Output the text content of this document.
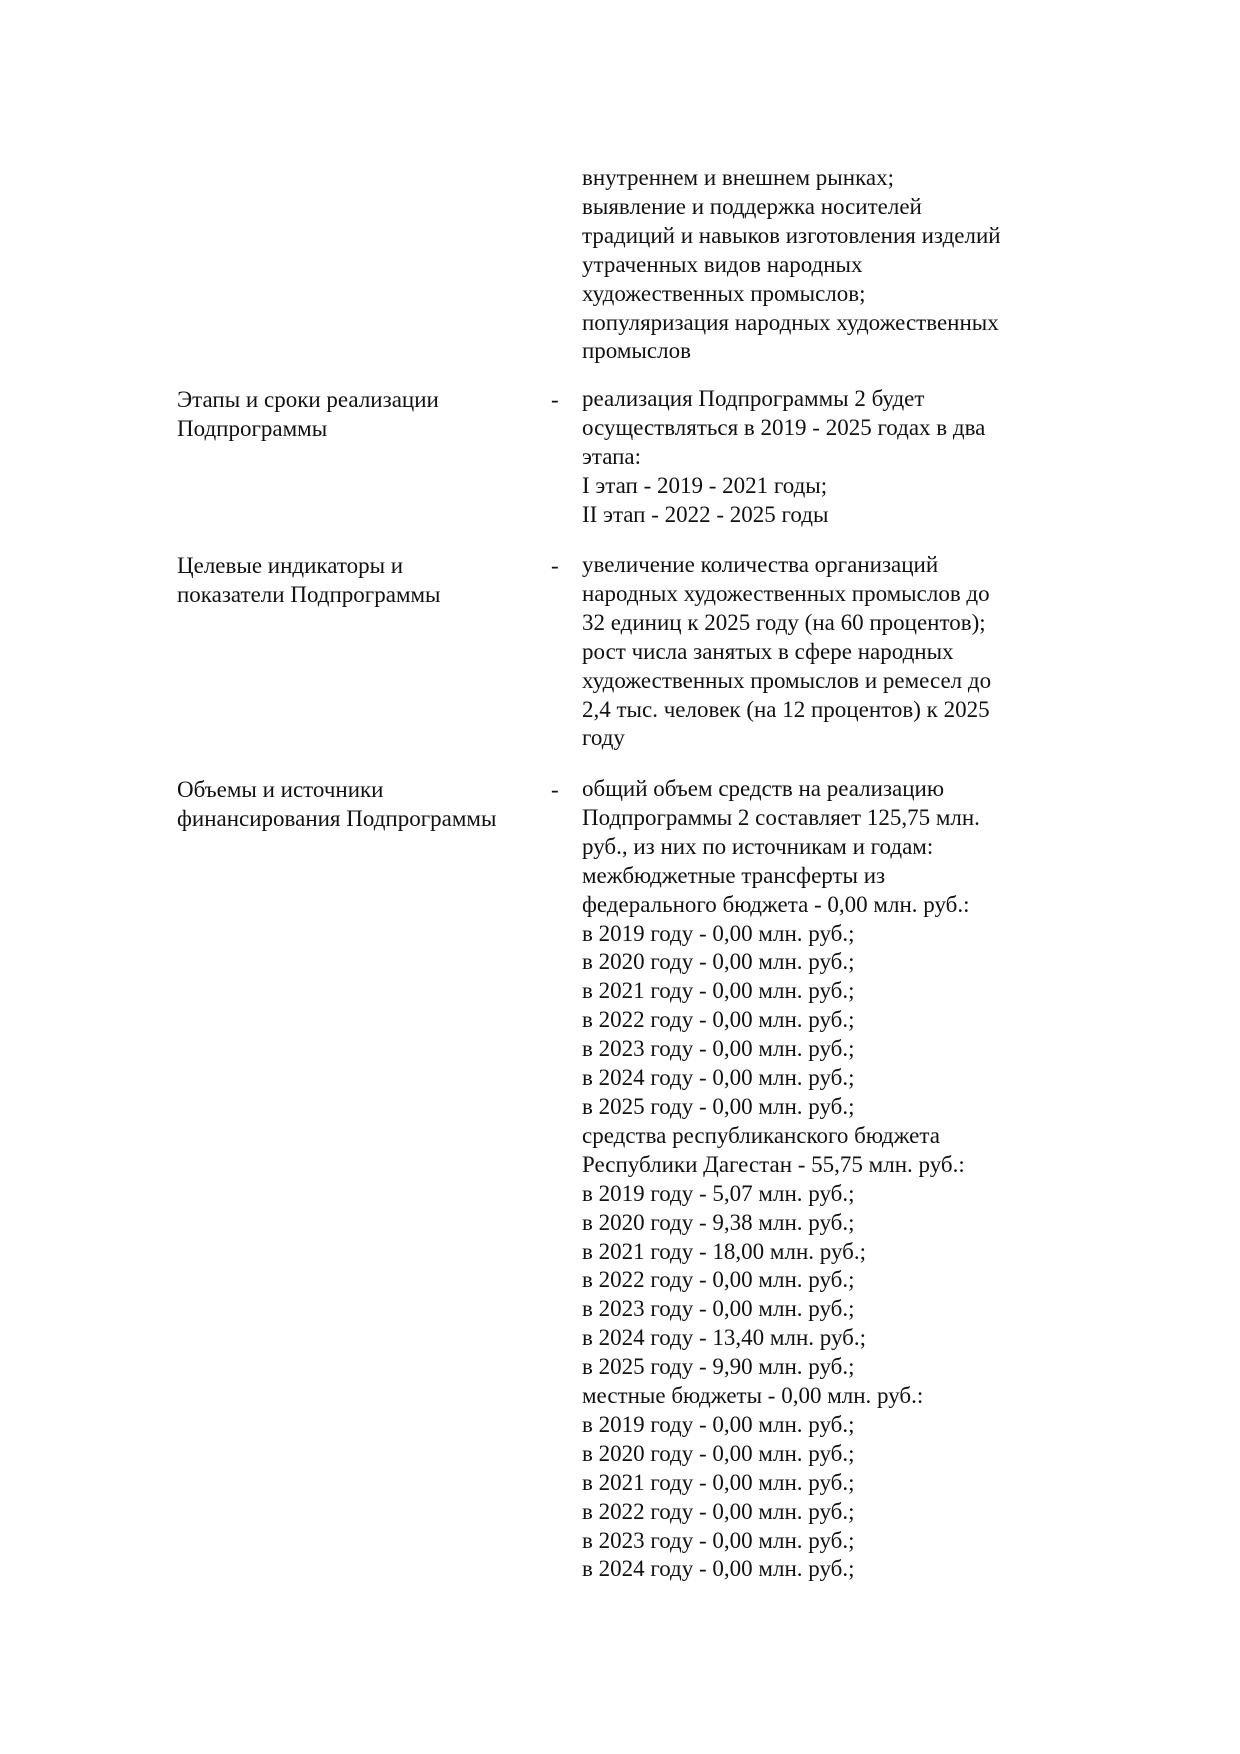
внутреннем и внешнем рынках;
выявление и поддержка носителей
традиций и навыков изготовления изделий
утраченных видов народных
художественных промыслов;
популяризация народных художественных
промыслов
Этапы и сроки реализации
Подпрограммы
- реализация Подпрограммы 2 будет
осуществляться в 2019 - 2025 годах в два
этапа:
I этап - 2019 - 2021 годы;
II этап - 2022 - 2025 годы
Целевые индикаторы и
показатели Подпрограммы
- увеличение количества организаций
народных художественных промыслов до
32 единиц к 2025 году (на 60 процентов);
рост числа занятых в сфере народных
художественных промыслов и ремесел до
2,4 тыс. человек (на 12 процентов) к 2025
году
Объемы и источники
финансирования Подпрограммы
- общий объем средств на реализацию
Подпрограммы 2 составляет 125,75 млн.
руб., из них по источникам и годам:
межбюджетные трансферты из
федерального бюджета - 0,00 млн. руб.:
в 2019 году - 0,00 млн. руб.;
в 2020 году - 0,00 млн. руб.;
в 2021 году - 0,00 млн. руб.;
в 2022 году - 0,00 млн. руб.;
в 2023 году - 0,00 млн. руб.;
в 2024 году - 0,00 млн. руб.;
в 2025 году - 0,00 млн. руб.;
средства республиканского бюджета
Республики Дагестан - 55,75 млн. руб.:
в 2019 году - 5,07 млн. руб.;
в 2020 году - 9,38 млн. руб.;
в 2021 году - 18,00 млн. руб.;
в 2022 году - 0,00 млн. руб.;
в 2023 году - 0,00 млн. руб.;
в 2024 году - 13,40 млн. руб.;
в 2025 году - 9,90 млн. руб.;
местные бюджеты - 0,00 млн. руб.:
в 2019 году - 0,00 млн. руб.;
в 2020 году - 0,00 млн. руб.;
в 2021 году - 0,00 млн. руб.;
в 2022 году - 0,00 млн. руб.;
в 2023 году - 0,00 млн. руб.;
в 2024 году - 0,00 млн. руб.;
